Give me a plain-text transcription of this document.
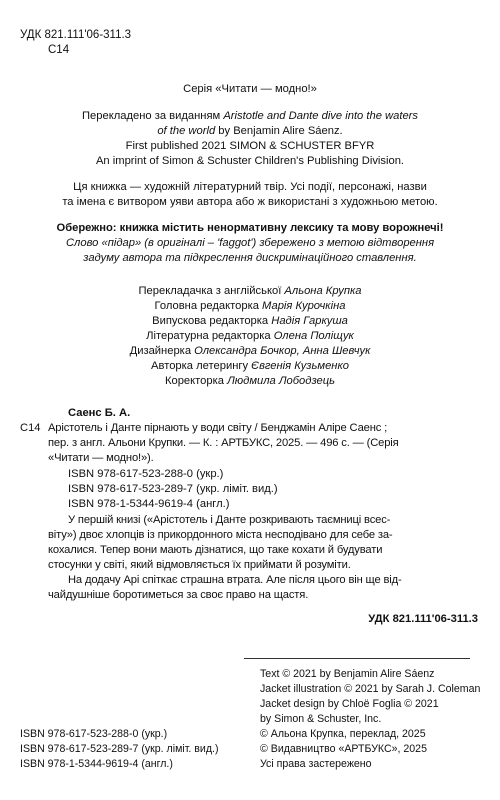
УДК 821.111'06-311.3
С14
Серія «Читати — модно!»
Перекладено за виданням Aristotle and Dante dive into the waters
of the world by Benjamin Alire Sáenz.
First published 2021 SIMON & SCHUSTER BFYR
An imprint of Simon & Schuster Children's Publishing Division.
Ця книжка — художній літературний твір. Усі події, персонажі, назви
та імена є витвором уяви автора або ж використані з художньою метою.
Обережно: книжка містить ненормативну лексику та мову ворожнечі!
Слово «підар» (в оригіналі – 'faggot') збережено з метою відтворення
задуму автора та підкреслення дискримінаційного ставлення.
Перекладачка з англійської Альона Крупка
Головна редакторка Марія Курочкіна
Випускова редакторка Надія Гаркуша
Літературна редакторка Олена Поліщук
Дизайнерка Олександра Бочкор, Анна Шевчук
Авторка летерингу Євгенія Кузьменко
Коректорка Людмила Лободзець
Саенс Б. А.
С14 Арістотель і Данте пірнають у води світу / Бенджамін Аліре Саенс ;
пер. з англ. Альони Крупки. — К. : АРТБУКС, 2025. — 496 с. — (Серія
«Читати — модно!»).
ISBN 978-617-523-288-0 (укр.)
ISBN 978-617-523-289-7 (укр. ліміт. вид.)
ISBN 978-1-5344-9619-4 (англ.)
У першій книзі («Арістотель і Данте розкривають таємниці всес-
віту») двоє хлопців із прикордонного міста несподівано для себе за-
кохалися. Тепер вони мають дізнатися, що таке кохати й будувати
стосунки у світі, який відмовляється їх приймати й розуміти.
На додачу Арі спіткає страшна втрата. Але після цього він ще від-
чайдушніше боротиметься за своє право на щастя.
УДК 821.111'06-311.3
Text © 2021 by Benjamin Alire Sáenz
Jacket illustration © 2021 by Sarah J. Coleman
Jacket design by Chloë Foglia © 2021
by Simon & Schuster, Inc.
© Альона Крупка, переклад, 2025
© Видавництво «АРТБУКС», 2025
Усі права застережено
ISBN 978-617-523-288-0 (укр.)
ISBN 978-617-523-289-7 (укр. ліміт. вид.)
ISBN 978-1-5344-9619-4 (англ.)
